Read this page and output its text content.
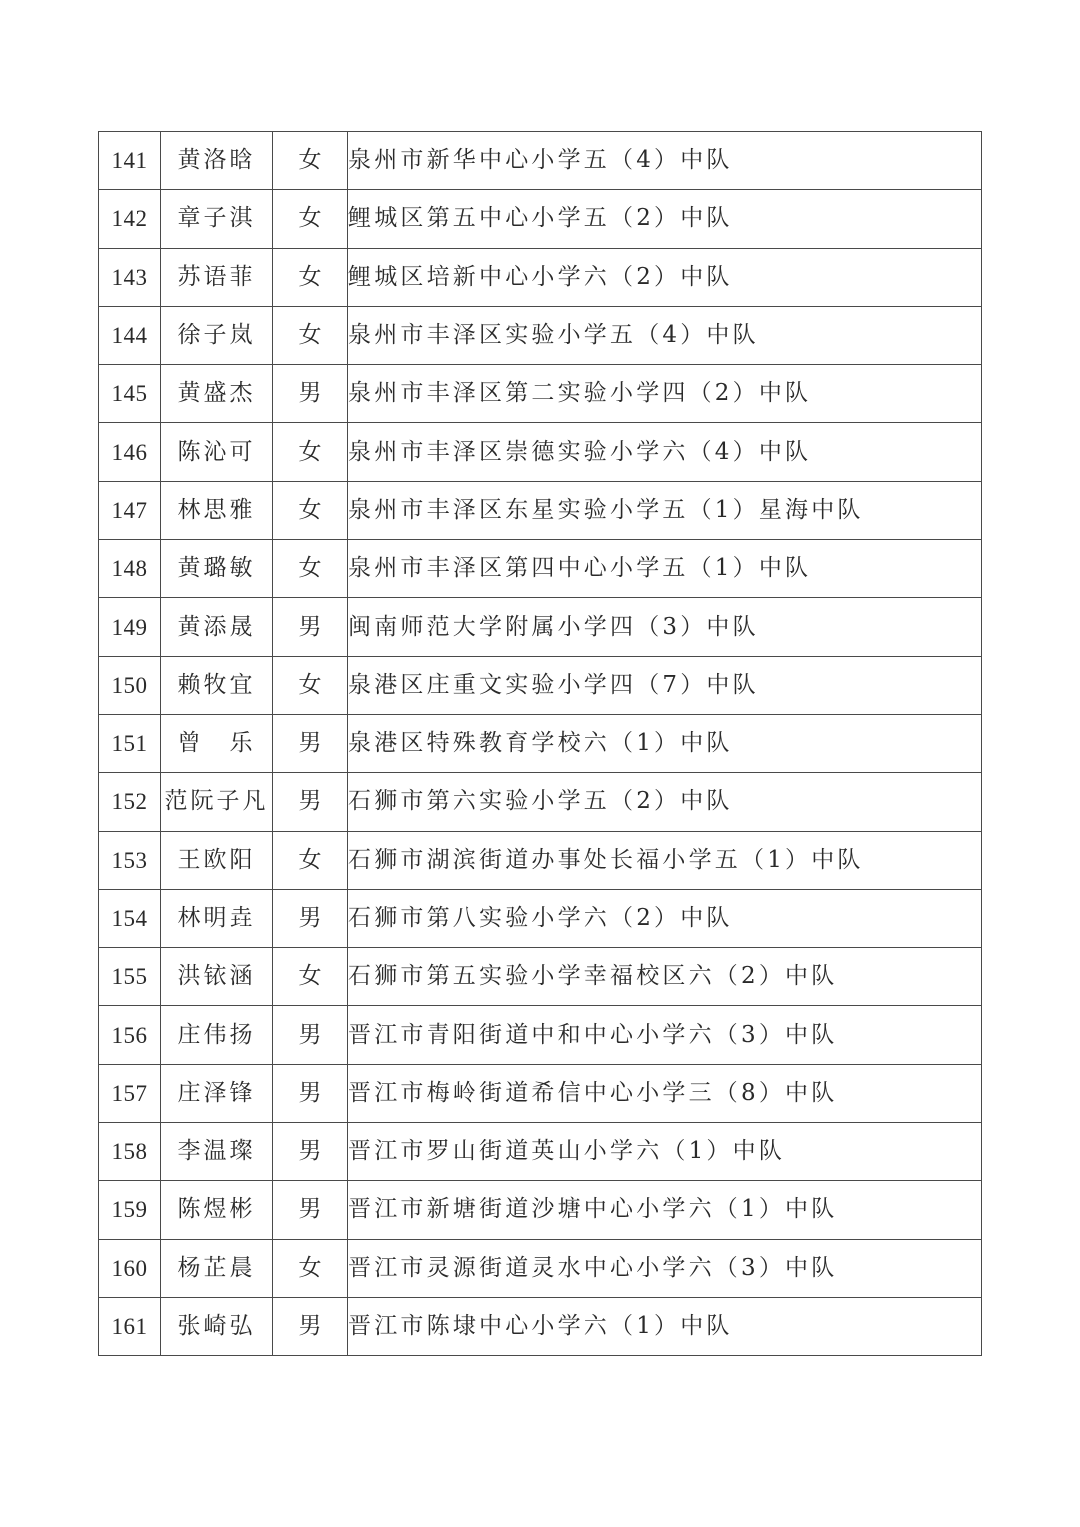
141	黄洛晗	女	泉州市新华中心小学五（4）中队
142	章子淇	女	鲤城区第五中心小学五（2）中队
143	苏语菲	女	鲤城区培新中心小学六（2）中队
144	徐子岚	女	泉州市丰泽区实验小学五（4）中队
145	黄盛杰	男	泉州市丰泽区第二实验小学四（2）中队
146	陈沁可	女	泉州市丰泽区崇德实验小学六（4）中队
147	林思雅	女	泉州市丰泽区东星实验小学五（1）星海中队
148	黄璐敏	女	泉州市丰泽区第四中心小学五（1）中队
149	黄添晟	男	闽南师范大学附属小学四（3）中队
150	赖牧宜	女	泉港区庄重文实验小学四（7）中队
151	曾　乐	男	泉港区特殊教育学校六（1）中队
152	范阮子凡	男	石狮市第六实验小学五（2）中队
153	王欧阳	女	石狮市湖滨街道办事处长福小学五（1）中队
154	林明垚	男	石狮市第八实验小学六（2）中队
155	洪铱涵	女	石狮市第五实验小学幸福校区六（2）中队
156	庄伟扬	男	晋江市青阳街道中和中心小学六（3）中队
157	庄泽锋	男	晋江市梅岭街道希信中心小学三（8）中队
158	李温璨	男	晋江市罗山街道英山小学六（1）中队
159	陈煜彬	男	晋江市新塘街道沙塘中心小学六（1）中队
160	杨芷晨	女	晋江市灵源街道灵水中心小学六（3）中队
161	张崎弘	男	晋江市陈埭中心小学六（1）中队
